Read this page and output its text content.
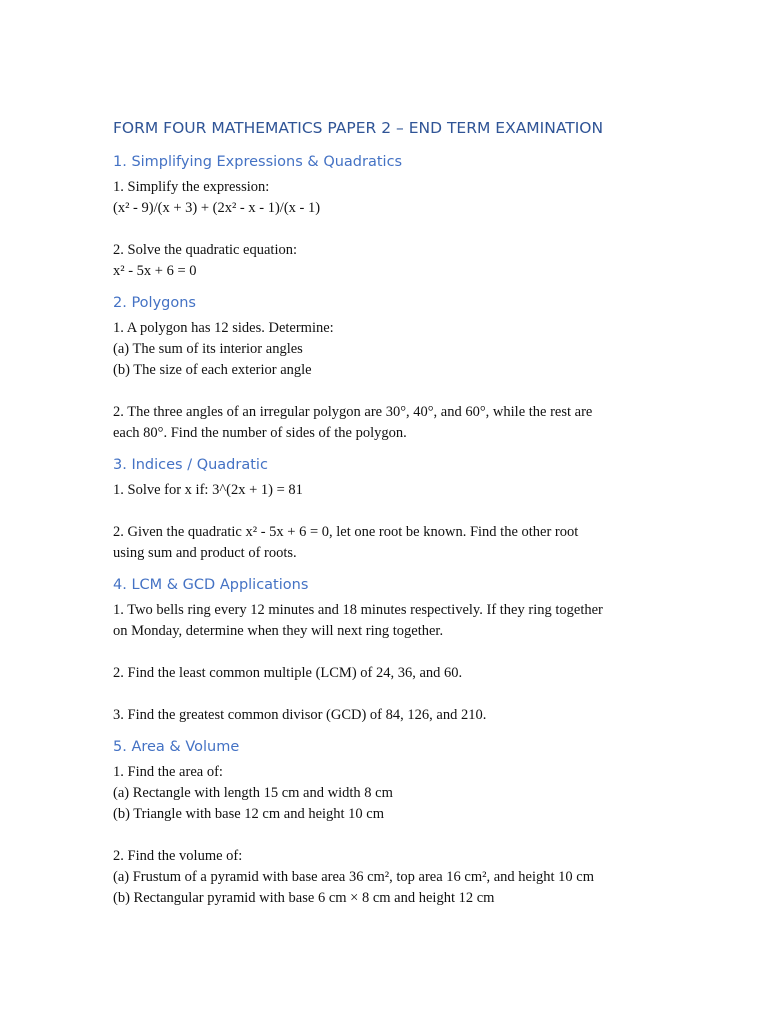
FORM FOUR MATHEMATICS PAPER 2 – END TERM EXAMINATION
1. Simplifying Expressions & Quadratics

1. Simplify the expression:

(x² - 9)/(x + 3) + (2x² - x - 1)/(x - 1)

2. Solve the quadratic equation:

x² - 5x + 6 = 0

2. Polygons

1. A polygon has 12 sides. Determine:

(a) The sum of its interior angles

(b) The size of each exterior angle

2. The three angles of an irregular polygon are 30°, 40°, and 60°, while the rest are

each 80°. Find the number of sides of the polygon.

3. Indices / Quadratic

1. Solve for x if: 3^(2x + 1) = 81

2. Given the quadratic x² - 5x + 6 = 0, let one root be known. Find the other root

using sum and product of roots.

4. LCM & GCD Applications

1. Two bells ring every 12 minutes and 18 minutes respectively. If they ring together

on Monday, determine when they will next ring together.

2. Find the least common multiple (LCM) of 24, 36, and 60.

3. Find the greatest common divisor (GCD) of 84, 126, and 210.

5. Area & Volume

1. Find the area of:

(a) Rectangle with length 15 cm and width 8 cm

(b) Triangle with base 12 cm and height 10 cm

2. Find the volume of:

(a) Frustum of a pyramid with base area 36 cm², top area 16 cm², and height 10 cm

(b) Rectangular pyramid with base 6 cm × 8 cm and height 12 cm
